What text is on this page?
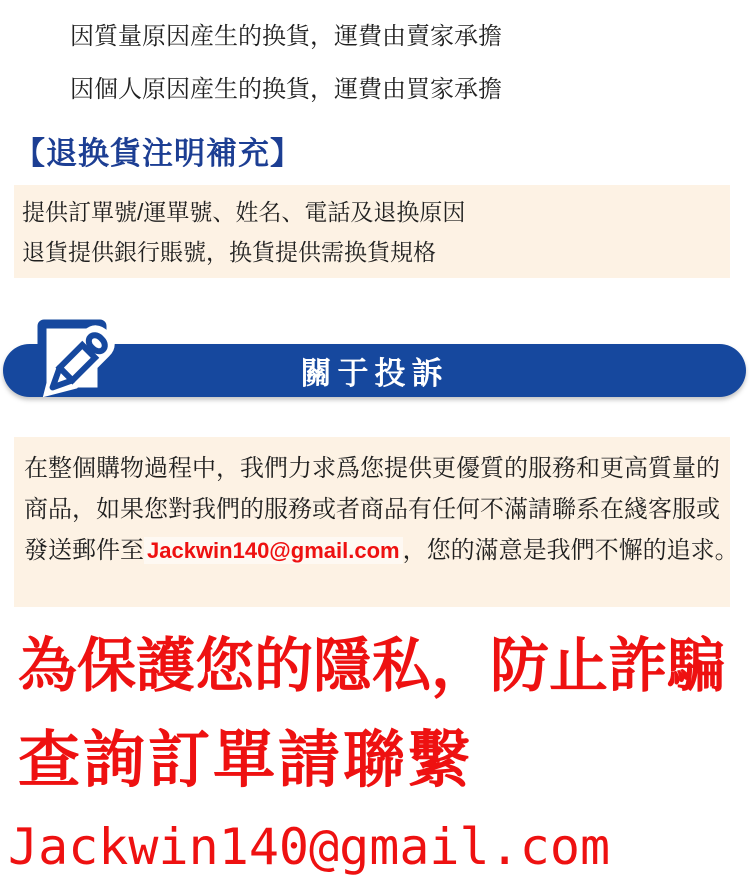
因質量原因産生的换貨，運費由賣家承擔
因個人原因産生的换貨，運費由買家承擔
【退换貨注明補充】
提供訂單號/運單號、姓名、電話及退换原因
退貨提供銀行賬號，换貨提供需换貨規格
關于投訴
在整個購物過程中，我們力求爲您提供更優質的服務和更高質量的
商品，如果您對我們的服務或者商品有任何不滿請聯系在綫客服或
發送郵件至 Jackwin140@gmail.com ，您的滿意是我們不懈的追求。
為保護您的隱私，防止詐騙
查詢訂單請聯繫
Jackwin140@gmail.com
